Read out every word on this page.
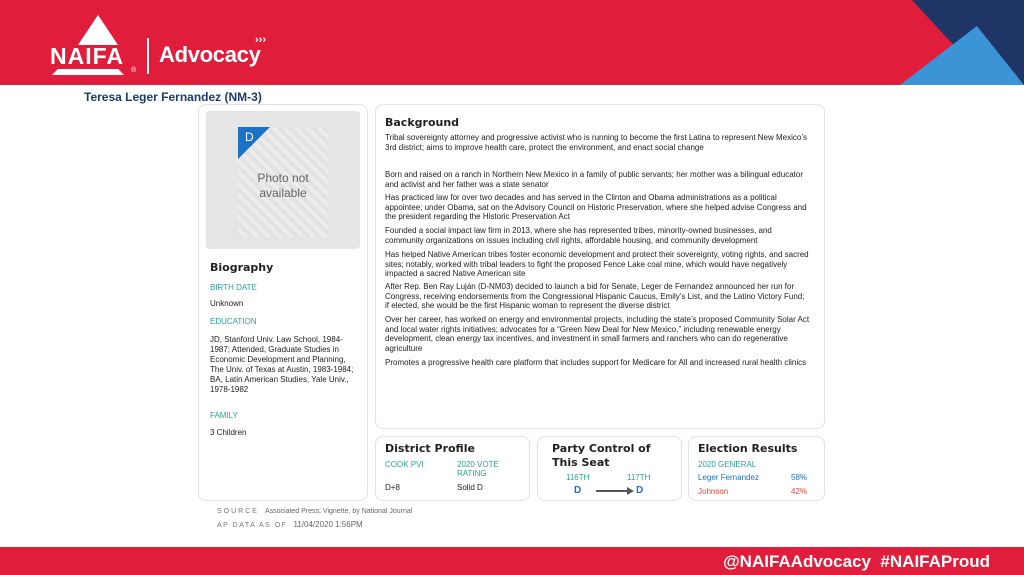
NAIFA
®
Advocacy
›››
Teresa Leger Fernandez (NM-3)
D
Photo not available
Biography
BIRTH DATE
Unknown
EDUCATION
JD, Stanford Univ. Law School, 1984-1987; Attended, Graduate Studies in Economic Development and Planning, The Univ. of Texas at Austin, 1983-1984; BA, Latin American Studies, Yale Univ., 1978-1982
FAMILY
3 Children
Background

Tribal sovereignty attorney and progressive activist who is running to become the first Latina to represent New Mexico’s 3rd district; aims to improve health care, protect the environment, and enact social change

Born and raised on a ranch in Northern New Mexico in a family of public servants; her mother was a bilingual educator and activist and her father was a state senator

Has practiced law for over two decades and has served in the Clinton and Obama administrations as a political appointee; under Obama, sat on the Advisory Council on Historic Preservation, where she helped advise Congress and the president regarding the Historic Preservation Act

Founded a social impact law firm in 2013, where she has represented tribes, minority-owned businesses, and community organizations on issues including civil rights, affordable housing, and community development

Has helped Native American tribes foster economic development and protect their sovereignty, voting rights, and sacred sites; notably, worked with tribal leaders to fight the proposed Fence Lake coal mine, which would have negatively impacted a sacred Native American site

After Rep. Ben Ray Luján (D-NM03) decided to launch a bid for Senate, Leger de Fernandez announced her run for Congress, receiving endorsements from the Congressional Hispanic Caucus, Emily’s List, and the Latino Victory Fund; if elected, she would be the first Hispanic woman to represent the diverse district

Over her career, has worked on energy and environmental projects, including the state’s proposed Community Solar Act and local water rights initiatives; advocates for a “Green New Deal for New Mexico,” including renewable energy development, clean energy tax incentives, and investment in small farmers and ranchers who can do regenerative agriculture

Promotes a progressive health care platform that includes support for Medicare for All and increased rural health clinics

District Profile
COOK PVI	2020 VOTE RATING
D+8	Solid D
Party Control of This Seat
116TH	117TH
D	D
Election Results
2020 GENERAL
Leger Fernandez	58%
Johnson	42%
SOURCE Associated Press; Vignette, by National Journal
AP DATA AS OF 11/04/2020 1:56PM
@NAIFAAdvocacy  #NAIFAProud
